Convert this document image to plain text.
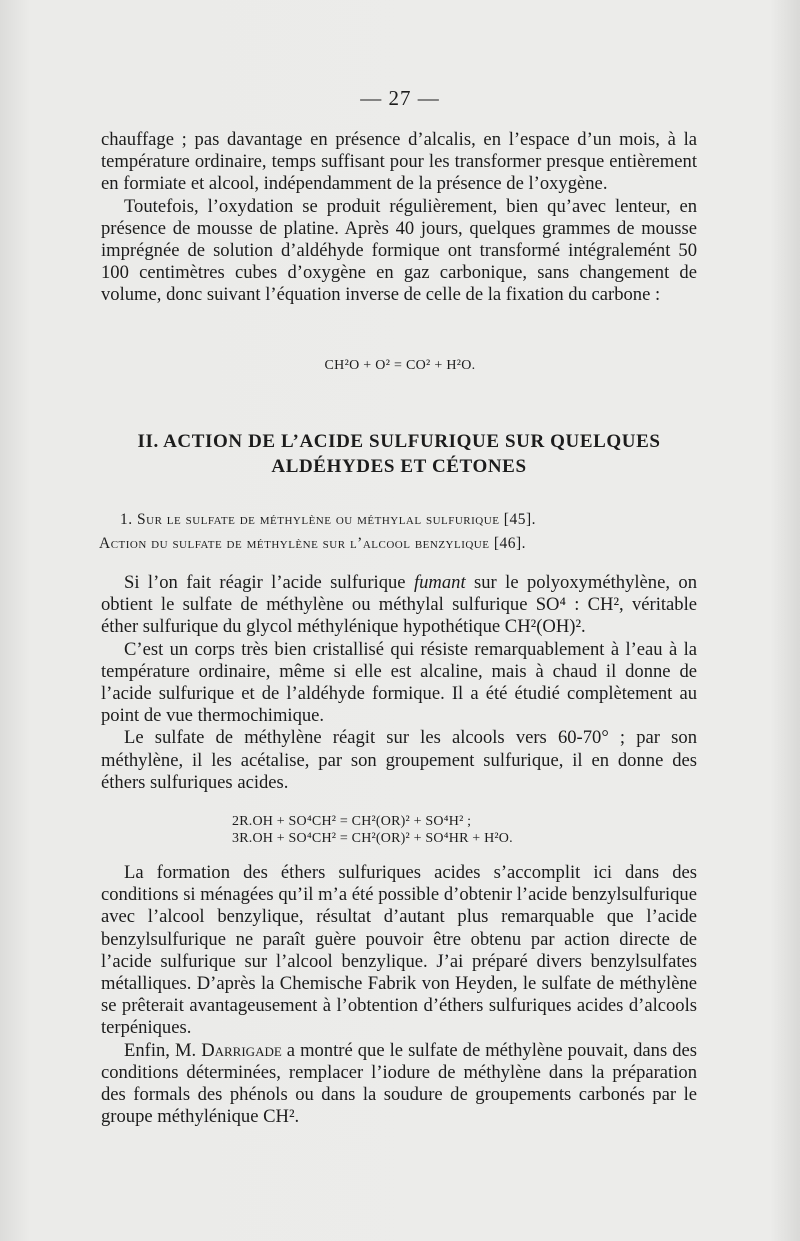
— 27 —

chauffage ; pas davantage en présence d’alcalis, en l’espace d’un mois, à la température ordinaire, temps suffisant pour les transformer presque entièrement en formiate et alcool, indépendamment de la présence de l’oxygène.

Toutefois, l’oxydation se produit régulièrement, bien qu’avec lenteur, en présence de mousse de platine. Après 40 jours, quelques grammes de mousse imprégnée de solution d’aldéhyde formique ont transformé intégralemént 50 100 centimètres cubes d’oxygène en gaz carbonique, sans changement de volume, donc suivant l’équation inverse de celle de la fixation du carbone :

CH²O + O² = CO² + H²O.
II. ACTION DE L’ACIDE SULFURIQUE SUR QUELQUES
ALDÉHYDES ET CÉTONES
1. Sur le sulfate de méthylène ou méthylal sulfurique [45].
Action du sulfate de méthylène sur l’alcool benzylique [46].

Si l’on fait réagir l’acide sulfurique fumant sur le polyoxyméthylène, on obtient le sulfate de méthylène ou méthylal sulfurique SO⁴ : CH², véritable éther sulfurique du glycol méthylénique hypothétique CH²(OH)².

C’est un corps très bien cristallisé qui résiste remarquablement à l’eau à la température ordinaire, même si elle est alcaline, mais à chaud il donne de l’acide sulfurique et de l’aldéhyde formique. Il a été étudié complètement au point de vue thermochimique.

Le sulfate de méthylène réagit sur les alcools vers 60-70° ; par son méthylène, il les acétalise, par son groupement sulfurique, il en donne des éthers sulfuriques acides.

2R.OH + SO⁴CH² = CH²(OR)² + SO⁴H² ;
3R.OH + SO⁴CH² = CH²(OR)² + SO⁴HR + H²O.

La formation des éthers sulfuriques acides s’accomplit ici dans des conditions si ménagées qu’il m’a été possible d’obtenir l’acide benzylsulfurique avec l’alcool benzylique, résultat d’autant plus remarquable que l’acide benzylsulfurique ne paraît guère pouvoir être obtenu par action directe de l’acide sulfurique sur l’alcool benzylique. J’ai préparé divers benzylsulfates métalliques. D’après la Chemische Fabrik von Heyden, le sulfate de méthylène se prêterait avantageusement à l’obtention d’éthers sulfuriques acides d’alcools terpéniques.

Enfin, M. Darrigade a montré que le sulfate de méthylène pouvait, dans des conditions déterminées, remplacer l’iodure de méthylène dans la préparation des formals des phénols ou dans la soudure de groupements carbonés par le groupe méthylénique CH².
